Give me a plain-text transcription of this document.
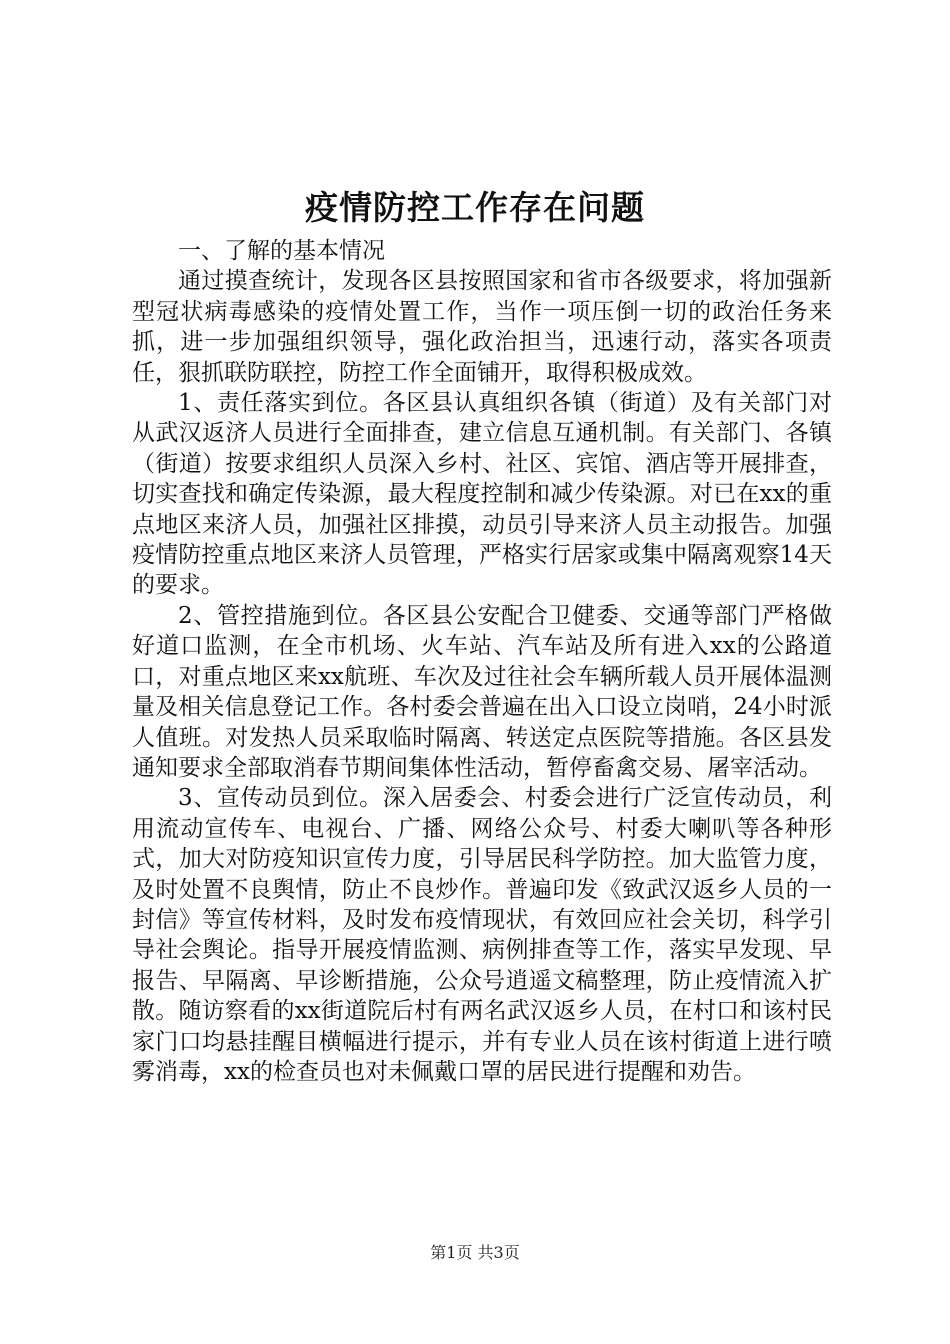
疫情防控工作存在问题

一、了解的基本情况

通过摸查统计，发现各区县按照国家和省市各级要求，将加强新型冠状病毒感染的疫情处置工作，当作一项压倒一切的政治任务来抓，进一步加强组织领导，强化政治担当，迅速行动，落实各项责任，狠抓联防联控，防控工作全面铺开，取得积极成效。

1、责任落实到位。各区县认真组织各镇（街道）及有关部门对从武汉返济人员进行全面排查，建立信息互通机制。有关部门、各镇（街道）按要求组织人员深入乡村、社区、宾馆、酒店等开展排查，切实查找和确定传染源，最大程度控制和减少传染源。对已在xx的重点地区来济人员，加强社区排摸，动员引导来济人员主动报告。加强疫情防控重点地区来济人员管理，严格实行居家或集中隔离观察14天的要求。

2、管控措施到位。各区县公安配合卫健委、交通等部门严格做好道口监测，在全市机场、火车站、汽车站及所有进入xx的公路道口，对重点地区来xx航班、车次及过往社会车辆所载人员开展体温测量及相关信息登记工作。各村委会普遍在出入口设立岗哨，24小时派人值班。对发热人员采取临时隔离、转送定点医院等措施。各区县发通知要求全部取消春节期间集体性活动，暂停畜禽交易、屠宰活动。

3、宣传动员到位。深入居委会、村委会进行广泛宣传动员，利用流动宣传车、电视台、广播、网络公众号、村委大喇叭等各种形式，加大对防疫知识宣传力度，引导居民科学防控。加大监管力度，及时处置不良舆情，防止不良炒作。普遍印发《致武汉返乡人员的一封信》等宣传材料，及时发布疫情现状，有效回应社会关切，科学引导社会舆论。指导开展疫情监测、病例排查等工作，落实早发现、早报告、早隔离、早诊断措施，公众号逍遥文稿整理，防止疫情流入扩散。随访察看的xx街道院后村有两名武汉返乡人员，在村口和该村民家门口均悬挂醒目横幅进行提示，并有专业人员在该村街道上进行喷雾消毒，xx的检查员也对未佩戴口罩的居民进行提醒和劝告。

第1页 共3页
